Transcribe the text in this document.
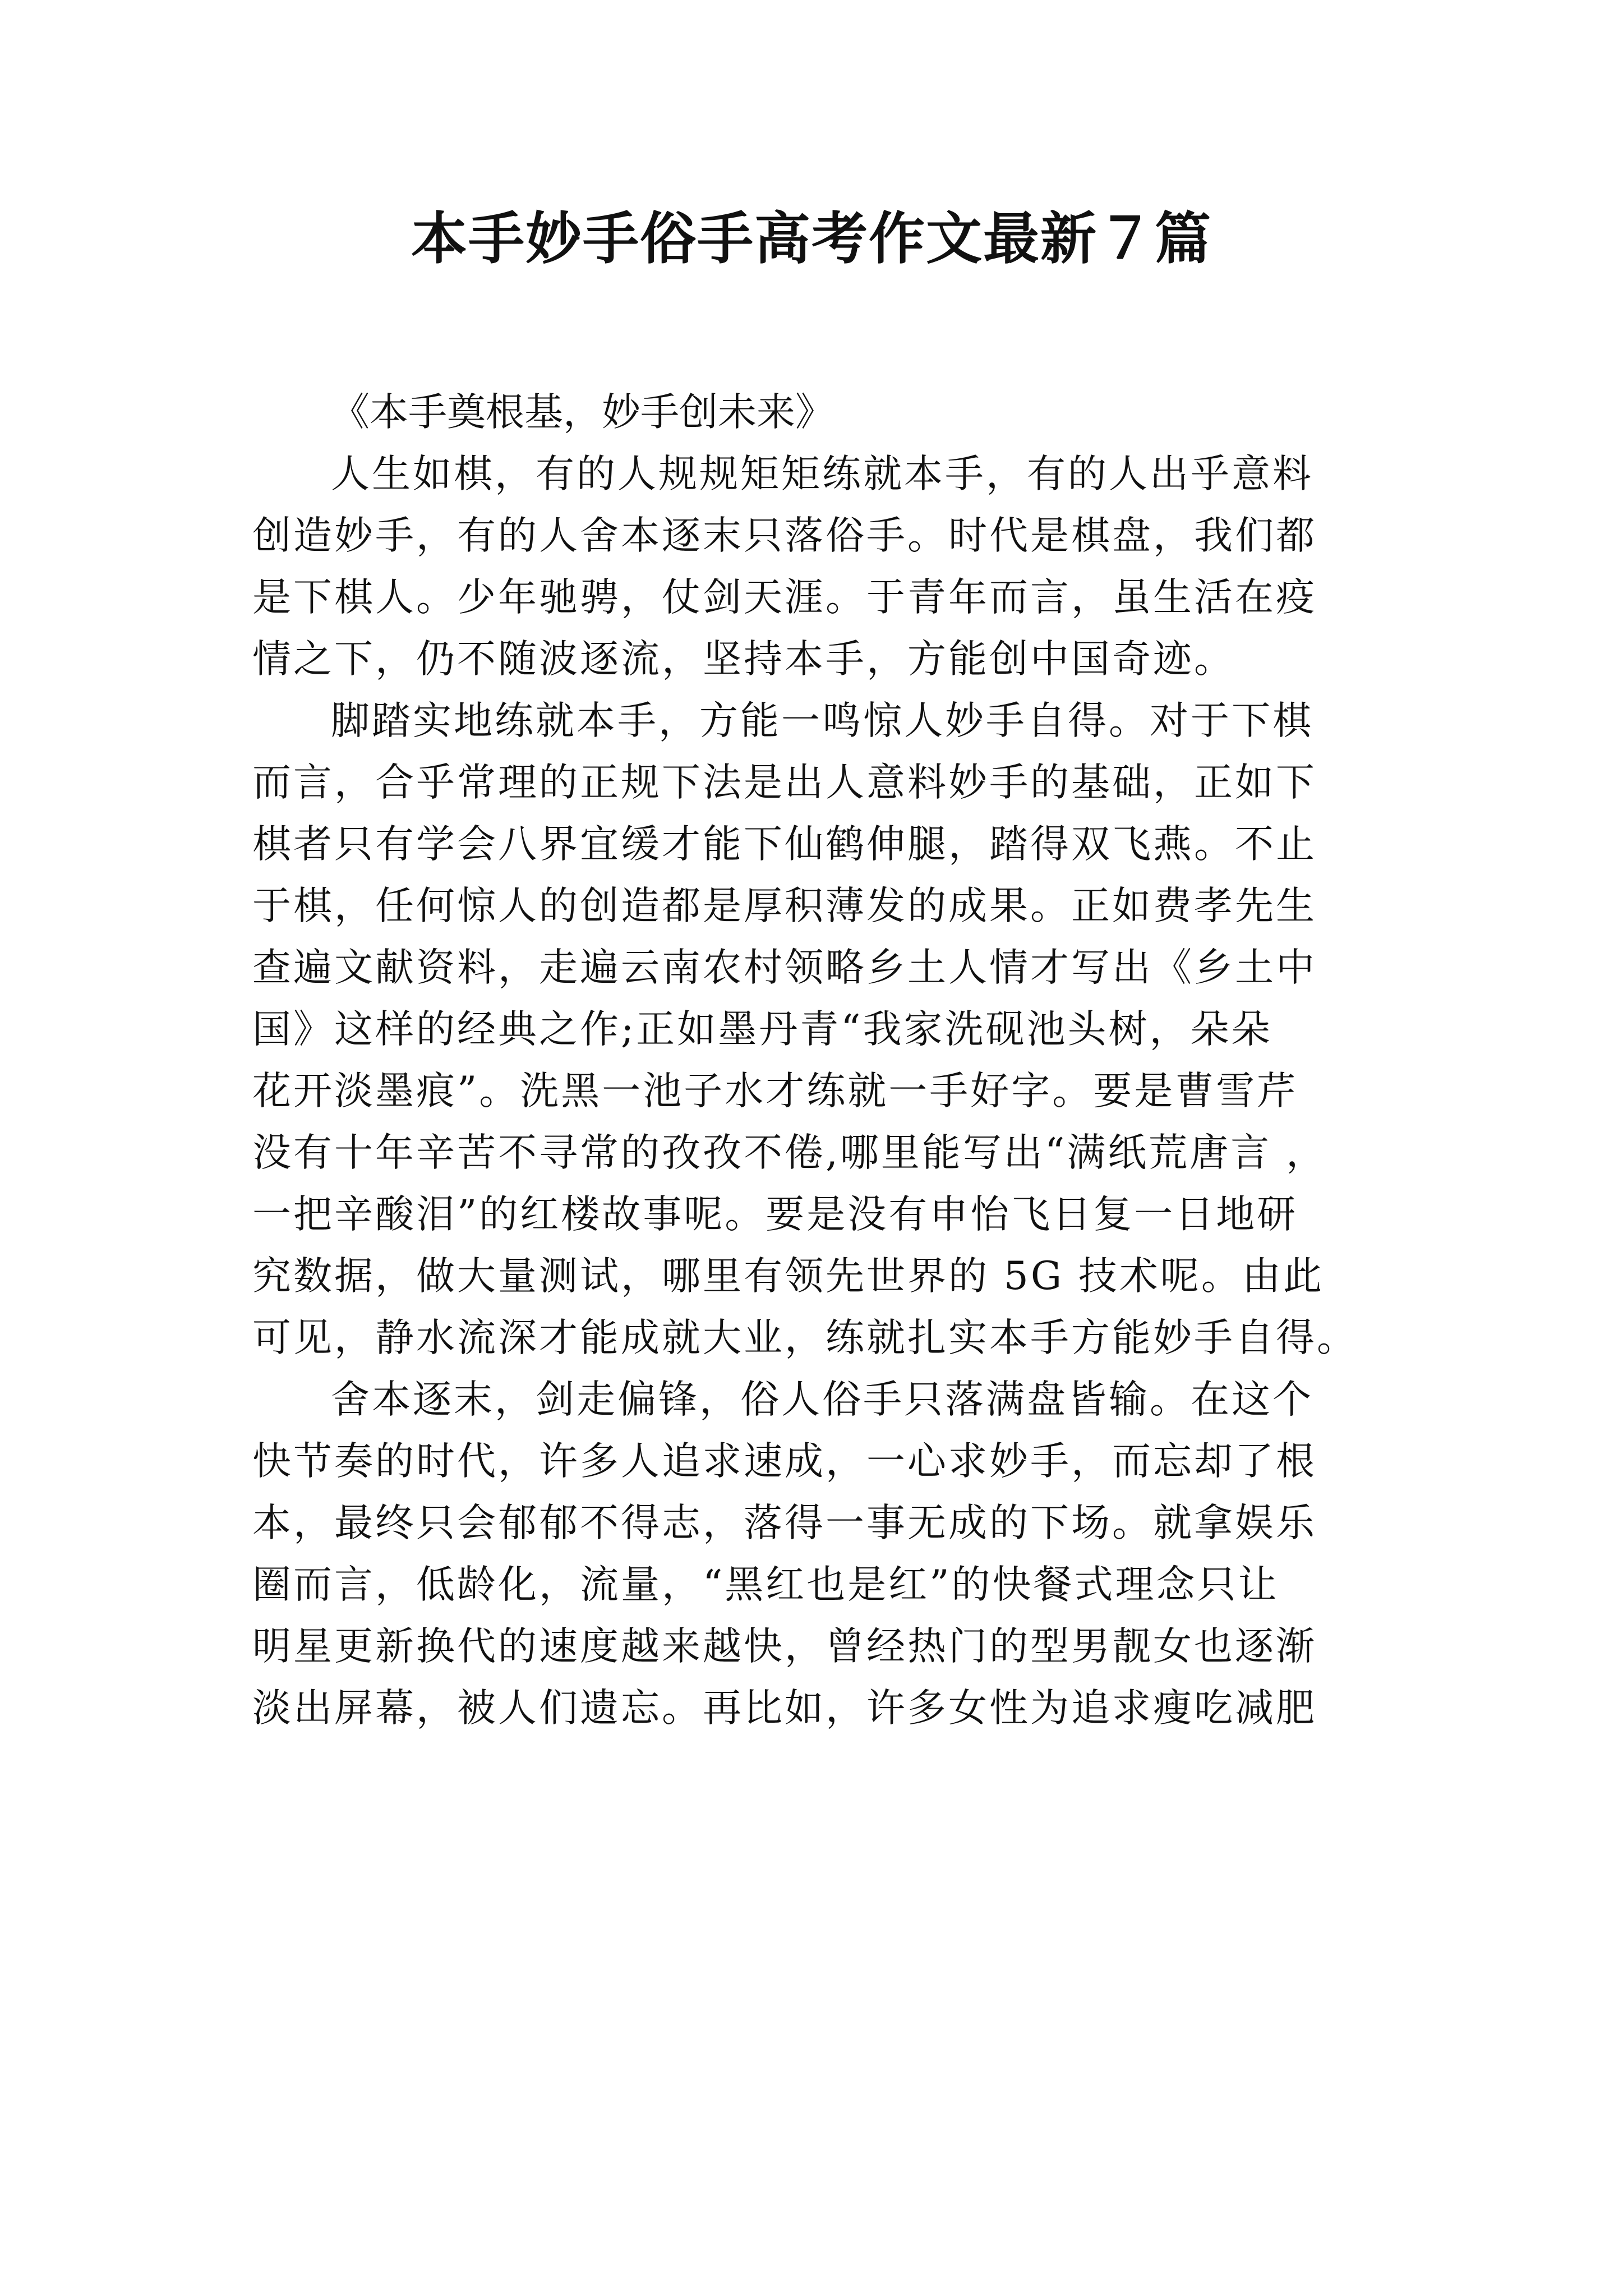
本手妙手俗手高考作文最新７篇

《本手奠根基，妙手创未来》

人生如棋，有的人规规矩矩练就本手，有的人出乎意料

创造妙手，有的人舍本逐末只落俗手。时代是棋盘，我们都

是下棋人。少年驰骋，仗剑天涯。于青年而言，虽生活在疫

情之下，仍不随波逐流，坚持本手，方能创中国奇迹。

脚踏实地练就本手，方能一鸣惊人妙手自得。对于下棋

而言，合乎常理的正规下法是出人意料妙手的基础，正如下

棋者只有学会八界宜缓才能下仙鹤伸腿，踏得双飞燕。不止

于棋，任何惊人的创造都是厚积薄发的成果。正如费孝先生

查遍文献资料，走遍云南农村领略乡土人情才写出《乡土中

国》这样的经典之作;正如墨丹青“我家洗砚池头树，朵朵

花开淡墨痕”。洗黑一池子水才练就一手好字。要是曹雪芹

没有十年辛苦不寻常的孜孜不倦,哪里能写出“满纸荒唐言 ，

一把辛酸泪”的红楼故事呢。要是没有申怡飞日复一日地研

究数据，做大量测试，哪里有领先世界的 5G 技术呢。由此

可见，静水流深才能成就大业，练就扎实本手方能妙手自得。

舍本逐末，剑走偏锋，俗人俗手只落满盘皆输。在这个

快节奏的时代，许多人追求速成，一心求妙手，而忘却了根

本，最终只会郁郁不得志，落得一事无成的下场。就拿娱乐

圈而言，低龄化，流量，“黑红也是红”的快餐式理念只让

明星更新换代的速度越来越快，曾经热门的型男靓女也逐渐

淡出屏幕，被人们遗忘。再比如，许多女性为追求瘦吃减肥
